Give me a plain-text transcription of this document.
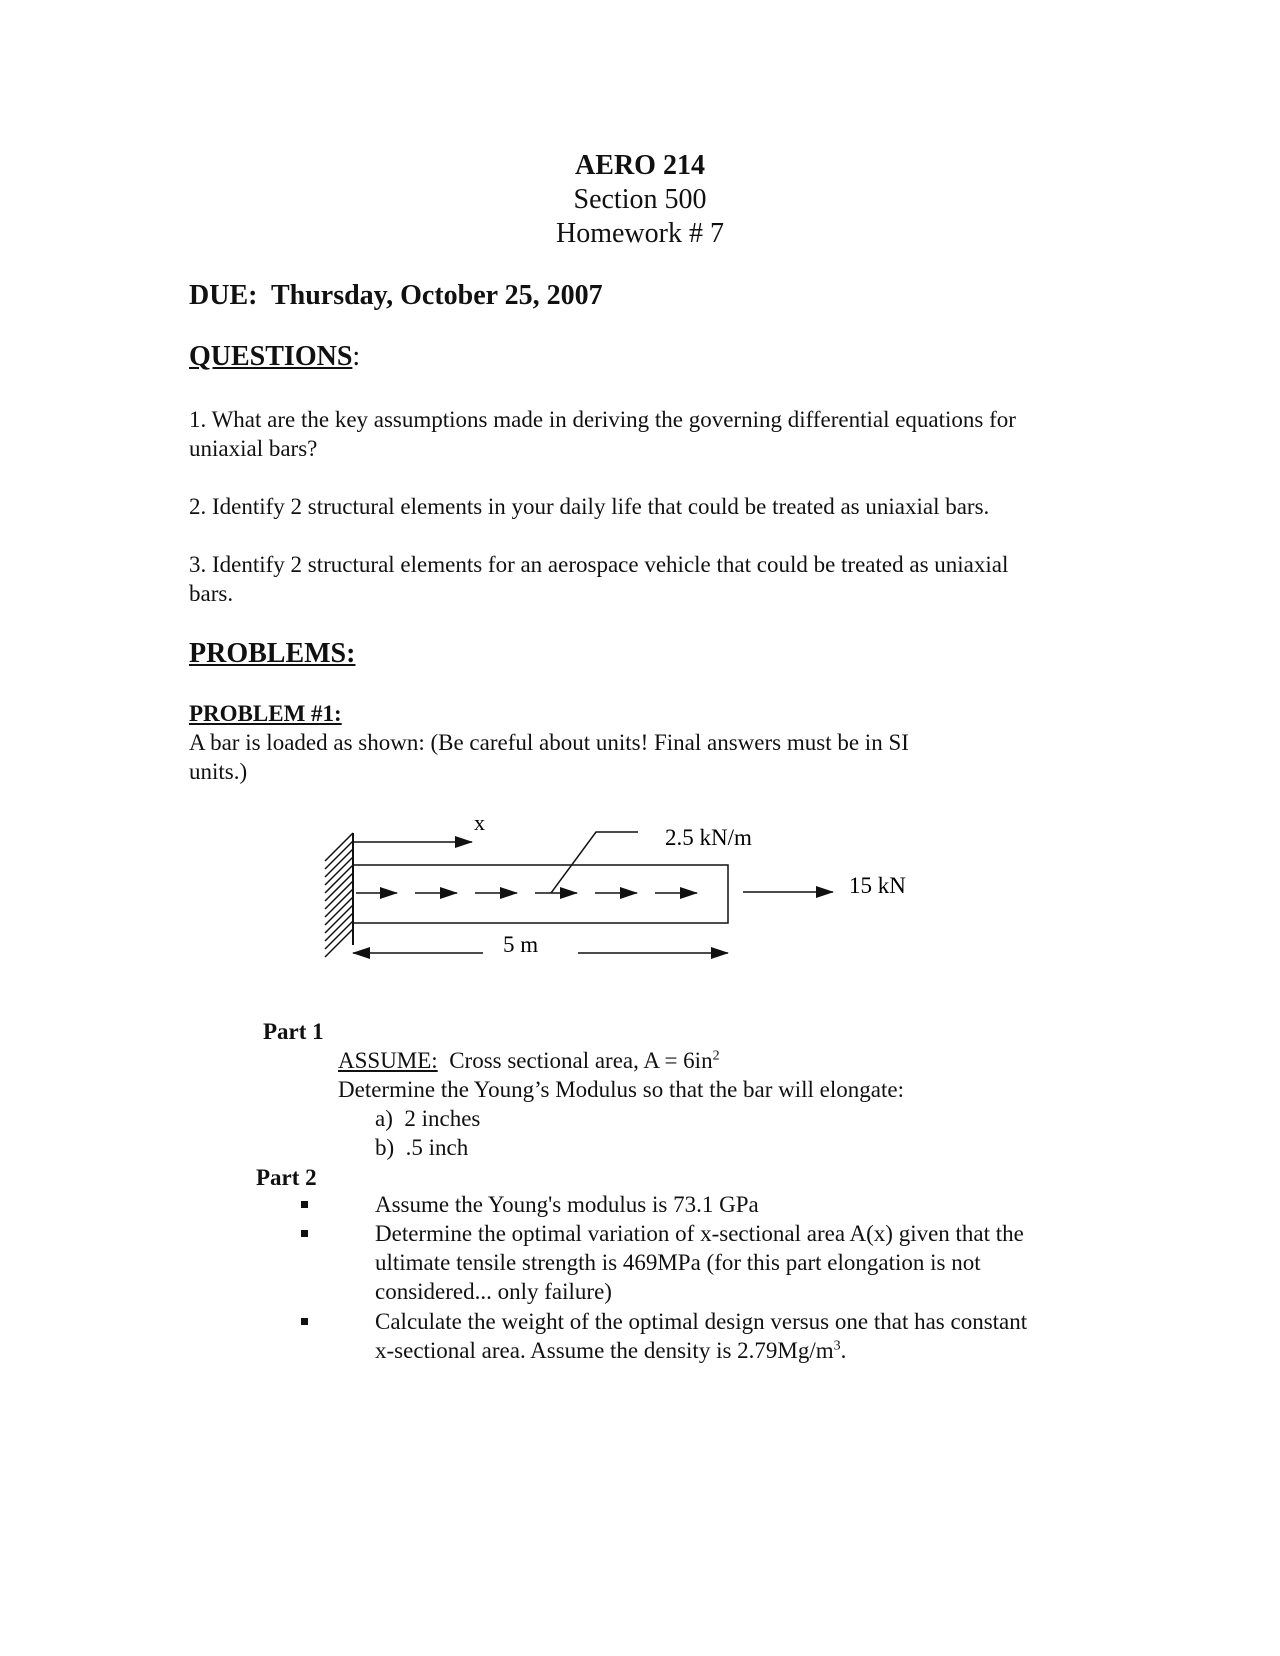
AERO 214
Section 500
Homework # 7
DUE: Thursday, October 25, 2007
QUESTIONS:
1. What are the key assumptions made in deriving the governing differential equations for
uniaxial bars?
2. Identify 2 structural elements in your daily life that could be treated as uniaxial bars.
3. Identify 2 structural elements for an aerospace vehicle that could be treated as uniaxial
bars.
PROBLEMS:
PROBLEM #1:
A bar is loaded as shown: (Be careful about units! Final answers must be in SI
units.)
x
2.5 kN/m
15 kN
5 m
Part 1
ASSUME: Cross sectional area, $A = 6in^2$
Determine the Young’s Modulus so that the bar will elongate:
a) 2 inches
b) .5 inch
Part 2
Assume the Young's modulus is 73.1 GPa
Determine the optimal variation of x-sectional area A(x) given that the
ultimate tensile strength is 469MPa (for this part elongation is not
considered... only failure)
Calculate the weight of the optimal design versus one that has constant
x-sectional area. Assume the density is $2.79Mg/m^3$.
